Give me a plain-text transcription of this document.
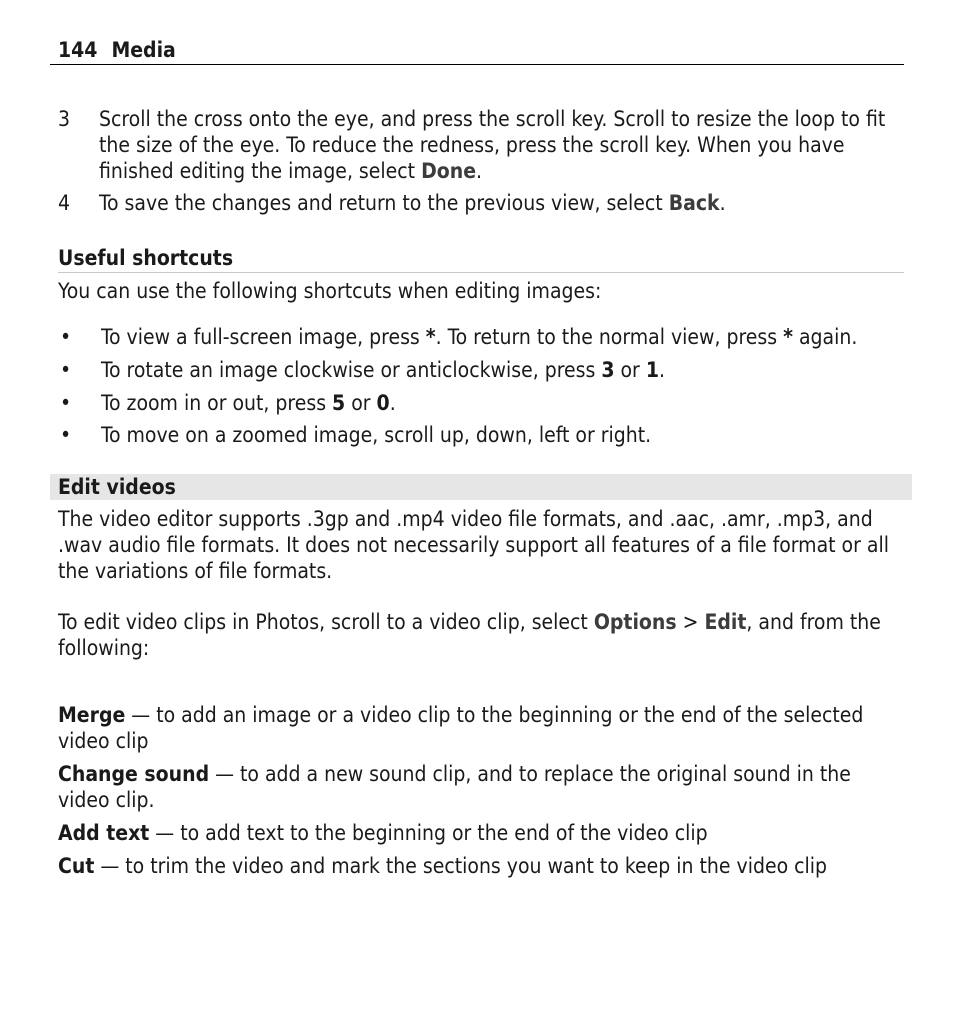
144 Media
3	Scroll the cross onto the eye, and press the scroll key. Scroll to resize the loop to fit the size of the eye. To reduce the redness, press the scroll key. When you have finished editing the image, select Done.
4	To save the changes and return to the previous view, select Back.
Useful shortcuts
You can use the following shortcuts when editing images:
•	To view a full-screen image, press *. To return to the normal view, press * again.
•	To rotate an image clockwise or anticlockwise, press 3 or 1.
•	To zoom in or out, press 5 or 0.
•	To move on a zoomed image, scroll up, down, left or right.
Edit videos
The video editor supports .3gp and .mp4 video file formats, and .aac, .amr, .mp3, and .wav audio file formats. It does not necessarily support all features of a file format or all the variations of file formats.
To edit video clips in Photos, scroll to a video clip, select Options > Edit, and from the following:
Merge — to add an image or a video clip to the beginning or the end of the selected video clip
Change sound — to add a new sound clip, and to replace the original sound in the video clip.
Add text — to add text to the beginning or the end of the video clip
Cut — to trim the video and mark the sections you want to keep in the video clip
